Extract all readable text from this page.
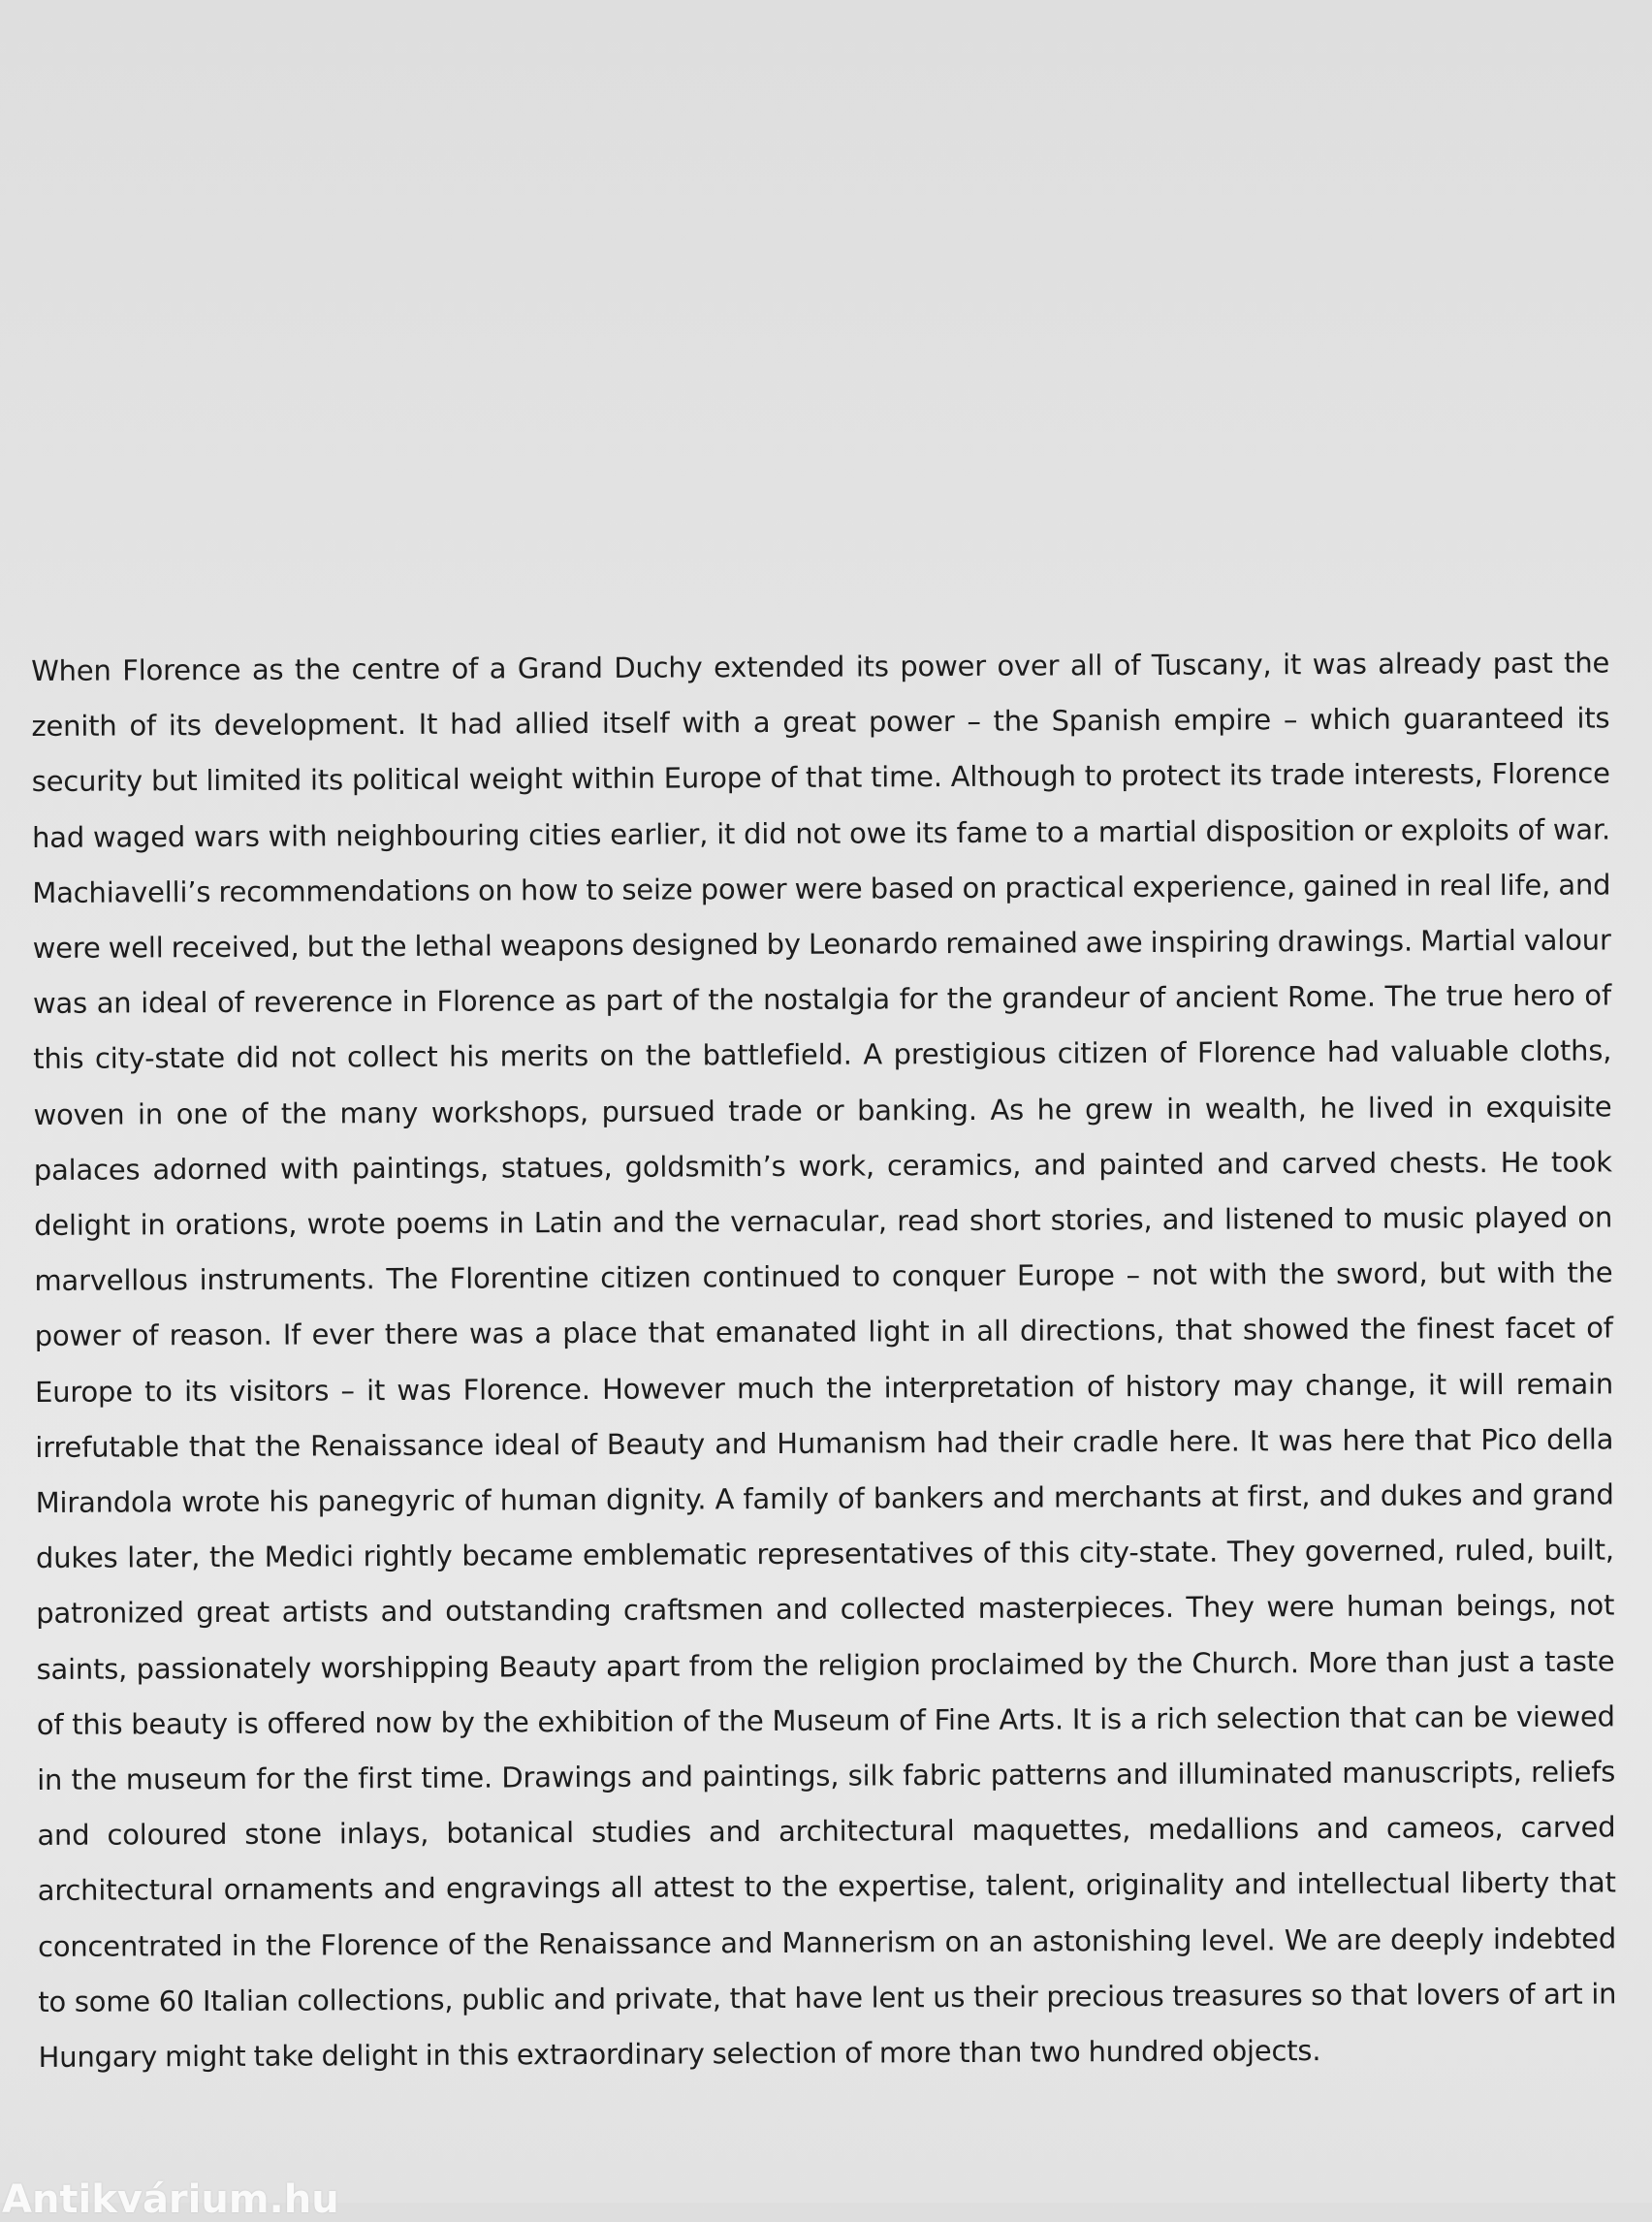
When Florence as the centre of a Grand Duchy extended its power over all of Tuscany, it was already past the zenith of its development. It had allied itself with a great power – the Spanish empire – which guaranteed its security but limited its political weight within Europe of that time. Although to protect its trade interests, Florence had waged wars with neighbouring cities earlier, it did not owe its fame to a martial disposition or exploits of war. Machiavelli’s recommendations on how to seize power were based on practical experience, gained in real life, and were well received, but the lethal weapons designed by Leonardo remained awe inspiring drawings. Martial valour was an ideal of reverence in Florence as part of the nostalgia for the grandeur of ancient Rome. The true hero of this city-state did not collect his merits on the battlefield. A prestigious citizen of Florence had valuable cloths, woven in one of the many workshops, pursued trade or banking. As he grew in wealth, he lived in exquisite palaces adorned with paintings, statues, goldsmith’s work, ceramics, and painted and carved chests. He took delight in orations, wrote poems in Latin and the vernacular, read short stories, and listened to music played on marvellous instruments. The Florentine citizen continued to conquer Europe – not with the sword, but with the power of reason. If ever there was a place that emanated light in all directions, that showed the finest facet of Europe to its visitors – it was Florence. However much the interpretation of history may change, it will remain irrefutable that the Renaissance ideal of Beauty and Humanism had their cradle here. It was here that Pico della Mirandola wrote his panegyric of human dignity. A family of bankers and merchants at first, and dukes and grand dukes later, the Medici rightly became emblematic representatives of this city-state. They governed, ruled, built, patronized great artists and outstanding craftsmen and collected masterpieces. They were human beings, not saints, passionately worshipping Beauty apart from the religion proclaimed by the Church. More than just a taste of this beauty is offered now by the exhibition of the Museum of Fine Arts. It is a rich selection that can be viewed in the museum for the first time. Drawings and paintings, silk fabric patterns and illuminated manuscripts, reliefs and coloured stone inlays, botanical studies and architectural maquettes, medallions and cameos, carved architectural ornaments and engravings all attest to the expertise, talent, originality and intellectual liberty that concentrated in the Florence of the Renaissance and Mannerism on an astonishing level. We are deeply indebted to some 60 Italian collections, public and private, that have lent us their precious treasures so that lovers of art in Hungary might take delight in this extraordinary selection of more than two hundred objects.

Antikvárium.hu
